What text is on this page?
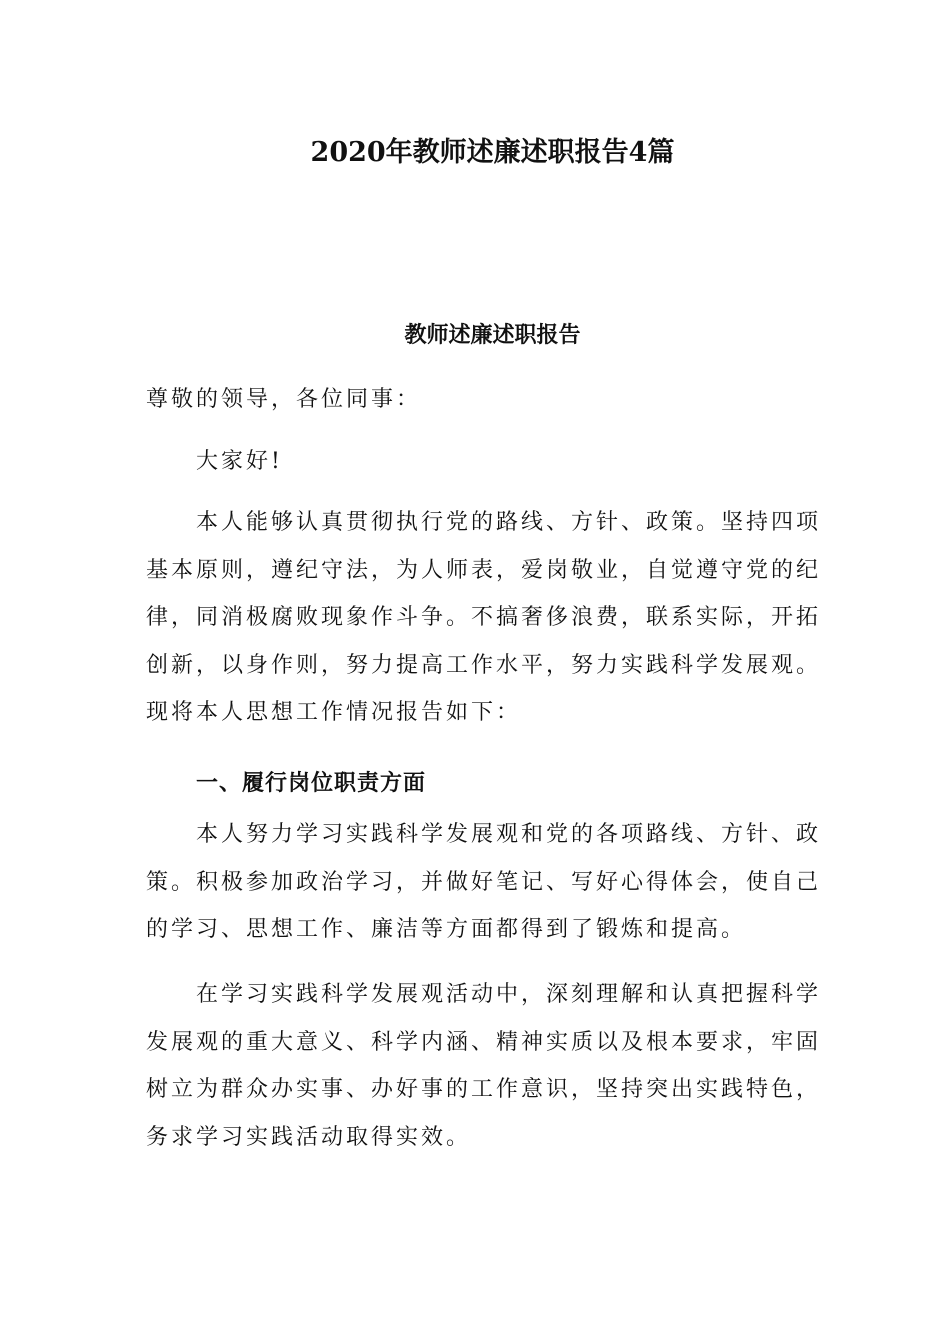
2020年教师述廉述职报告4篇
教师述廉述职报告

尊敬的领导，各位同事：

大家好!

本人能够认真贯彻执行党的路线、方针、政策。坚持四项基本原则，遵纪守法，为人师表，爱岗敬业，自觉遵守党的纪律，同消极腐败现象作斗争。不搞奢侈浪费，联系实际，开拓创新，以身作则，努力提高工作水平，努力实践科学发展观。现将本人思想工作情况报告如下：

一、履行岗位职责方面

本人努力学习实践科学发展观和党的各项路线、方针、政策。积极参加政治学习，并做好笔记、写好心得体会，使自己的学习、思想工作、廉洁等方面都得到了锻炼和提高。

在学习实践科学发展观活动中，深刻理解和认真把握科学发展观的重大意义、科学内涵、精神实质以及根本要求，牢固树立为群众办实事、办好事的工作意识，坚持突出实践特色，务求学习实践活动取得实效。
